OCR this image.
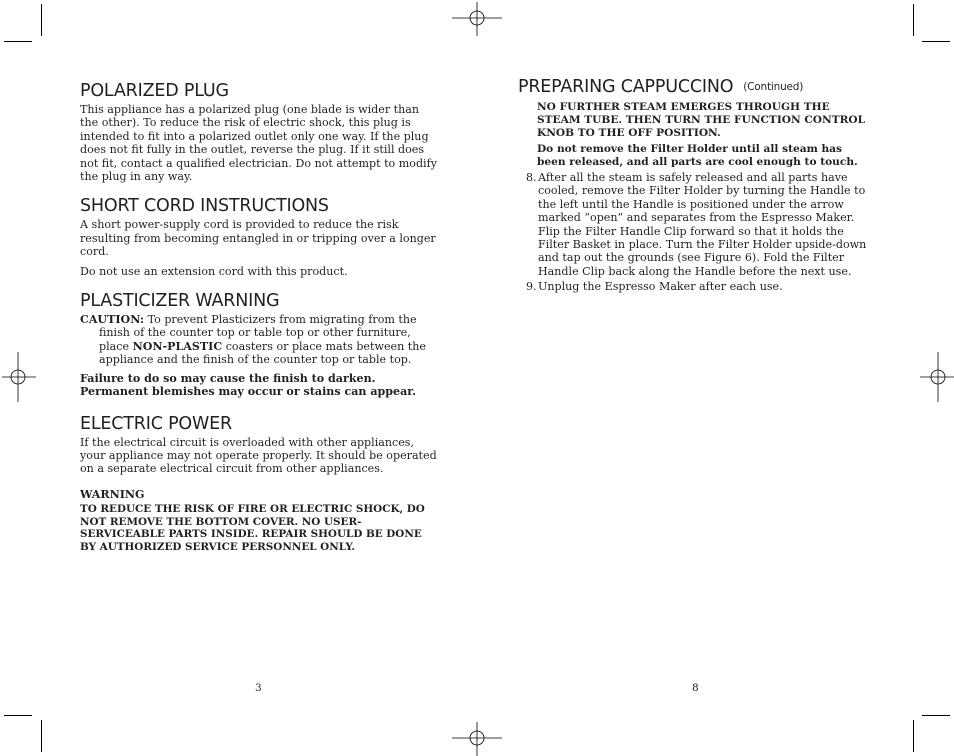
POLARIZED PLUG

This appliance has a polarized plug (one blade is wider than the other). To reduce the risk of electric shock, this plug is intended to fit into a polarized outlet only one way. If the plug does not fit fully in the outlet, reverse the plug. If it still does not fit, contact a qualified electrician. Do not attempt to modify the plug in any way.

SHORT CORD INSTRUCTIONS

A short power-supply cord is provided to reduce the risk resulting from becoming entangled in or tripping over a longer cord.

Do not use an extension cord with this product.

PLASTICIZER WARNING

CAUTION: To prevent Plasticizers from migrating from the finish of the counter top or table top or other furniture, place NON-PLASTIC coasters or place mats between the appliance and the finish of the counter top or table top.

Failure to do so may cause the finish to darken. Permanent blemishes may occur or stains can appear.

ELECTRIC POWER

If the electrical circuit is overloaded with other appliances, your appliance may not operate properly. It should be operated on a separate electrical circuit from other appliances.

WARNING

TO REDUCE THE RISK OF FIRE OR ELECTRIC SHOCK, DO NOT REMOVE THE BOTTOM COVER. NO USER-SERVICEABLE PARTS INSIDE. REPAIR SHOULD BE DONE BY AUTHORIZED SERVICE PERSONNEL ONLY.

3
PREPARING CAPPUCCINO (Continued)

NO FURTHER STEAM EMERGES THROUGH THE STEAM TUBE. THEN TURN THE FUNCTION CONTROL KNOB TO THE OFF POSITION.

Do not remove the Filter Holder until all steam has been released, and all parts are cool enough to touch.

8. After all the steam is safely released and all parts have cooled, remove the Filter Holder by turning the Handle to the left until the Handle is positioned under the arrow marked “open” and separates from the Espresso Maker. Flip the Filter Handle Clip forward so that it holds the Filter Basket in place. Turn the Filter Holder upside-down and tap out the grounds (see Figure 6). Fold the Filter Handle Clip back along the Handle before the next use.
9. Unplug the Espresso Maker after each use.
8
